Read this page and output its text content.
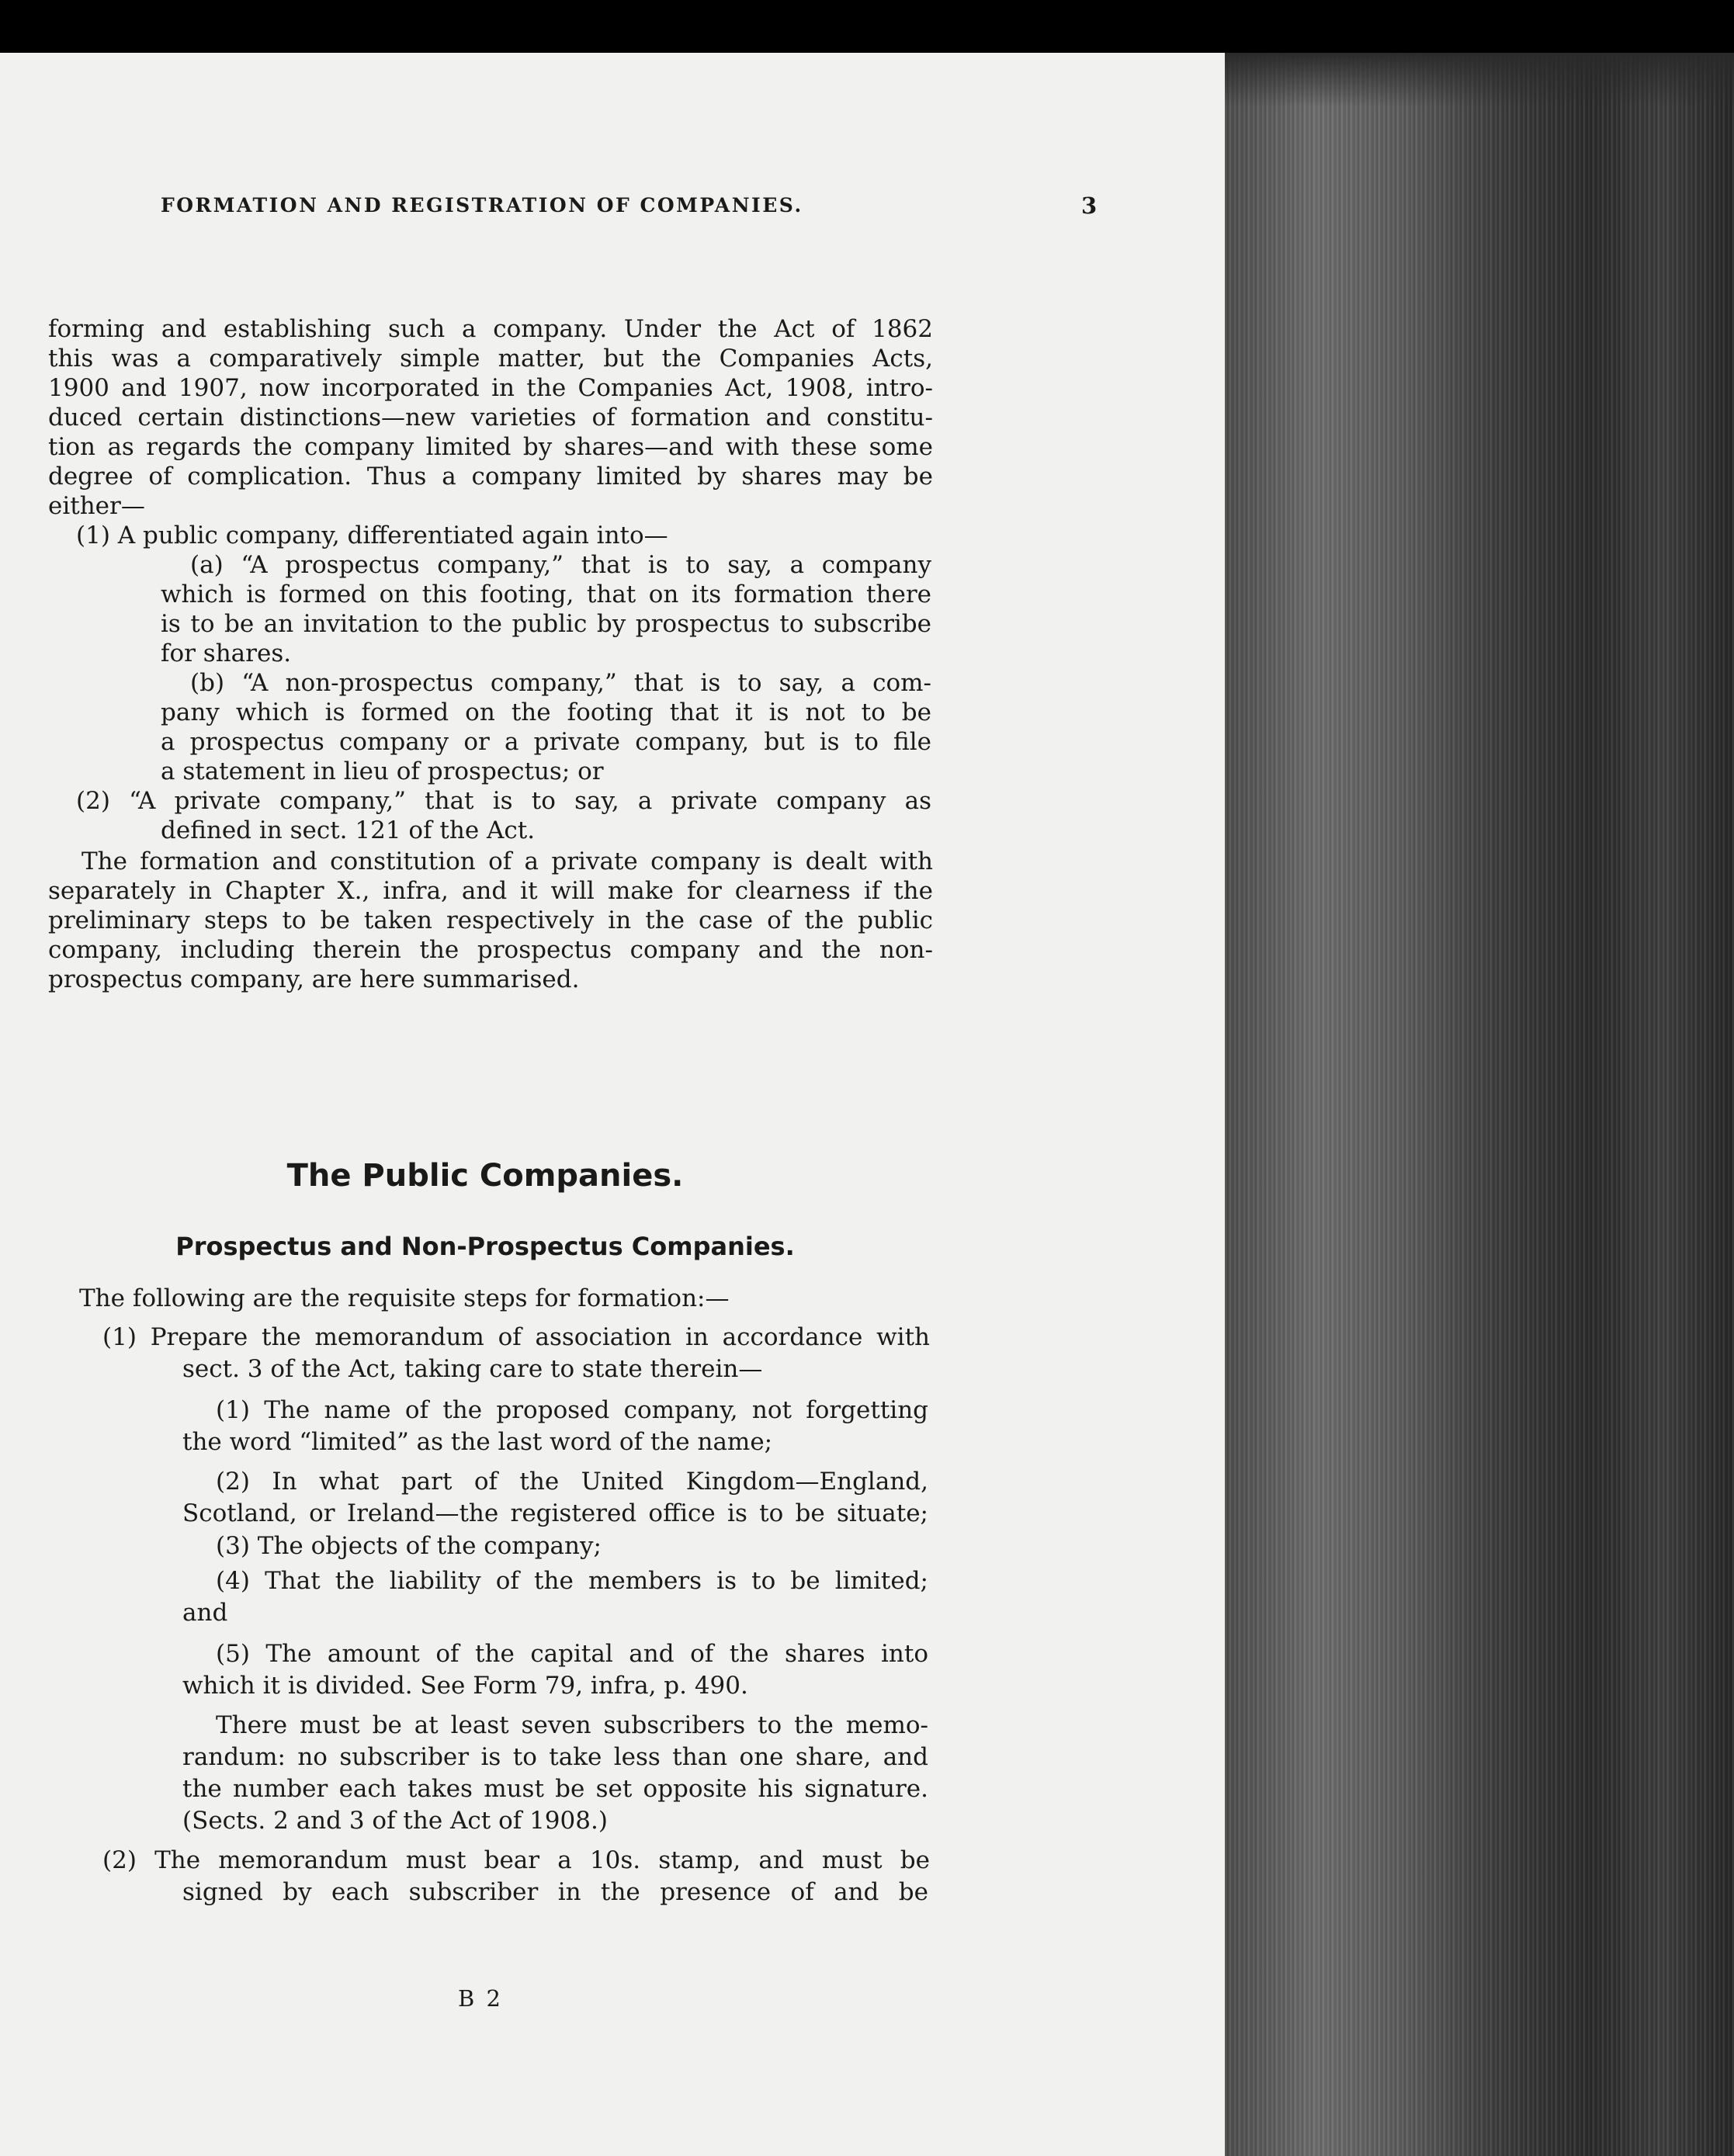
FORMATION AND REGISTRATION OF COMPANIES.	3
forming and establishing such a company. Under the Act of 1862
this was a comparatively simple matter, but the Companies Acts,
1900 and 1907, now incorporated in the Companies Act, 1908, intro-
duced certain distinctions—new varieties of formation and constitu-
tion as regards the company limited by shares—and with these some
degree of complication. Thus a company limited by shares may be
either—
(1) A public company, differentiated again into—
(a) “A prospectus company,” that is to say, a company
which is formed on this footing, that on its formation there
is to be an invitation to the public by prospectus to subscribe
for shares.
(b) “A non-prospectus company,” that is to say, a com-
pany which is formed on the footing that it is not to be
a prospectus company or a private company, but is to file
a statement in lieu of prospectus; or
(2) “A private company,” that is to say, a private company as
defined in sect. 121 of the Act.
The formation and constitution of a private company is dealt with
separately in Chapter X., infra, and it will make for clearness if the
preliminary steps to be taken respectively in the case of the public
company, including therein the prospectus company and the non-
prospectus company, are here summarised.
The Public Companies.
Prospectus and Non-Prospectus Companies.
The following are the requisite steps for formation:—
(1) Prepare the memorandum of association in accordance with
sect. 3 of the Act, taking care to state therein—
(1) The name of the proposed company, not forgetting
the word “limited” as the last word of the name;
(2) In what part of the United Kingdom—England,
Scotland, or Ireland—the registered office is to be situate;
(3) The objects of the company;
(4) That the liability of the members is to be limited;
and
(5) The amount of the capital and of the shares into
which it is divided. See Form 79, infra, p. 490.
There must be at least seven subscribers to the memo-
randum: no subscriber is to take less than one share, and
the number each takes must be set opposite his signature.
(Sects. 2 and 3 of the Act of 1908.)
(2) The memorandum must bear a 10s. stamp, and must be
signed by each subscriber in the presence of and be
B 2
